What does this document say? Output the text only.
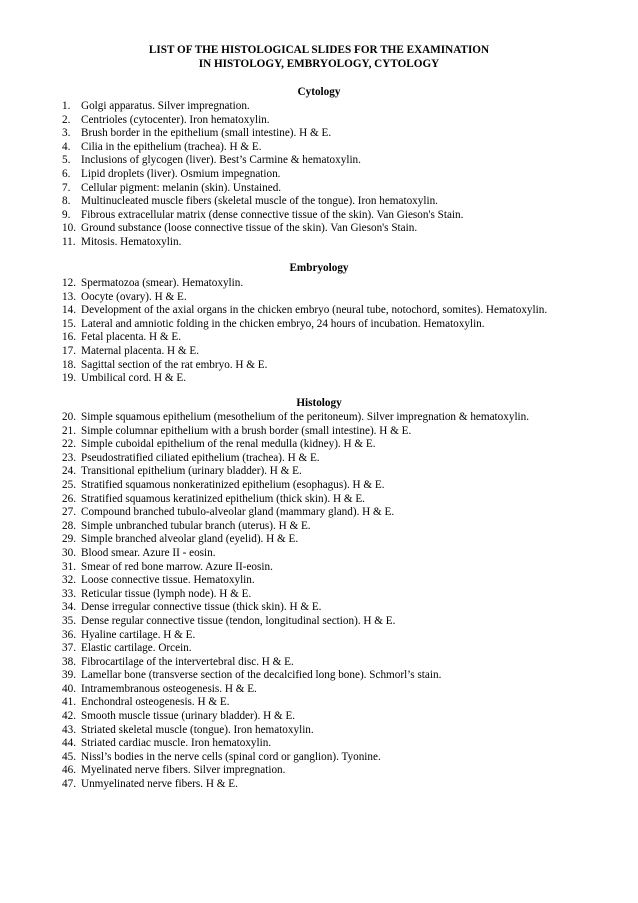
LIST OF THE HISTOLOGICAL SLIDES FOR THE EXAMINATION
IN HISTOLOGY, EMBRYOLOGY, CYTOLOGY
Cytology
1. Golgi apparatus. Silver impregnation.
2. Centrioles (cytocenter). Iron hematoxylin.
3. Brush border in the epithelium (small intestine). H & E.
4. Cilia in the epithelium (trachea). H & E.
5. Inclusions of glycogen (liver). Best’s Carmine & hematoxylin.
6. Lipid droplets (liver). Osmium impegnation.
7. Cellular pigment: melanin (skin). Unstained.
8. Multinucleated muscle fibers (skeletal muscle of the tongue). Iron hematoxylin.
9. Fibrous extracellular matrix (dense connective tissue of the skin). Van Gieson's Stain.
10. Ground substance (loose connective tissue of the skin). Van Gieson's Stain.
11. Mitosis. Hematoxylin.
Embryology
12. Spermatozoa (smear). Hematoxylin.
13. Oocyte (ovary). H & E.
14. Development of the axial organs in the chicken embryo (neural tube, notochord, somites). Hematoxylin.
15. Lateral and amniotic folding in the chicken embryo, 24 hours of incubation. Hematoxylin.
16. Fetal placenta. H & E.
17. Maternal placenta. H & E.
18. Sagittal section of the rat embryo. H & E.
19. Umbilical cord. H & E.
Histology
20. Simple squamous epithelium (mesothelium of the peritoneum). Silver impregnation & hematoxylin.
21. Simple columnar epithelium with a brush border (small intestine). H & E.
22. Simple cuboidal epithelium of the renal medulla (kidney). H & E.
23. Pseudostratified ciliated epithelium (trachea). H & E.
24. Transitional epithelium (urinary bladder). H & E.
25. Stratified squamous nonkeratinized epithelium (esophagus). H & E.
26. Stratified squamous keratinized epithelium (thick skin). H & E.
27. Compound branched tubulo-alveolar gland (mammary gland). H & E.
28. Simple unbranched tubular branch (uterus). H & E.
29. Simple branched alveolar gland (eyelid). H & E.
30. Blood smear. Azure II - eosin.
31. Smear of red bone marrow. Azure II-eosin.
32. Loose connective tissue. Hematoxylin.
33. Reticular tissue (lymph node). H & E.
34. Dense irregular connective tissue (thick skin). H & E.
35. Dense regular connective tissue (tendon, longitudinal section). H & E.
36. Hyaline cartilage. H & E.
37. Elastic cartilage. Orcein.
38. Fibrocartilage of the intervertebral disc. H & E.
39. Lamellar bone (transverse section of the decalcified long bone). Schmorl’s stain.
40. Intramembranous osteogenesis. H & E.
41. Enchondral osteogenesis. H & E.
42. Smooth muscle tissue (urinary bladder). H & E.
43. Striated skeletal muscle (tongue). Iron hematoxylin.
44. Striated cardiac muscle. Iron hematoxylin.
45. Nissl’s bodies in the nerve cells (spinal cord or ganglion). Tyonine.
46. Myelinated nerve fibers. Silver impregnation.
47. Unmyelinated nerve fibers. H & E.
